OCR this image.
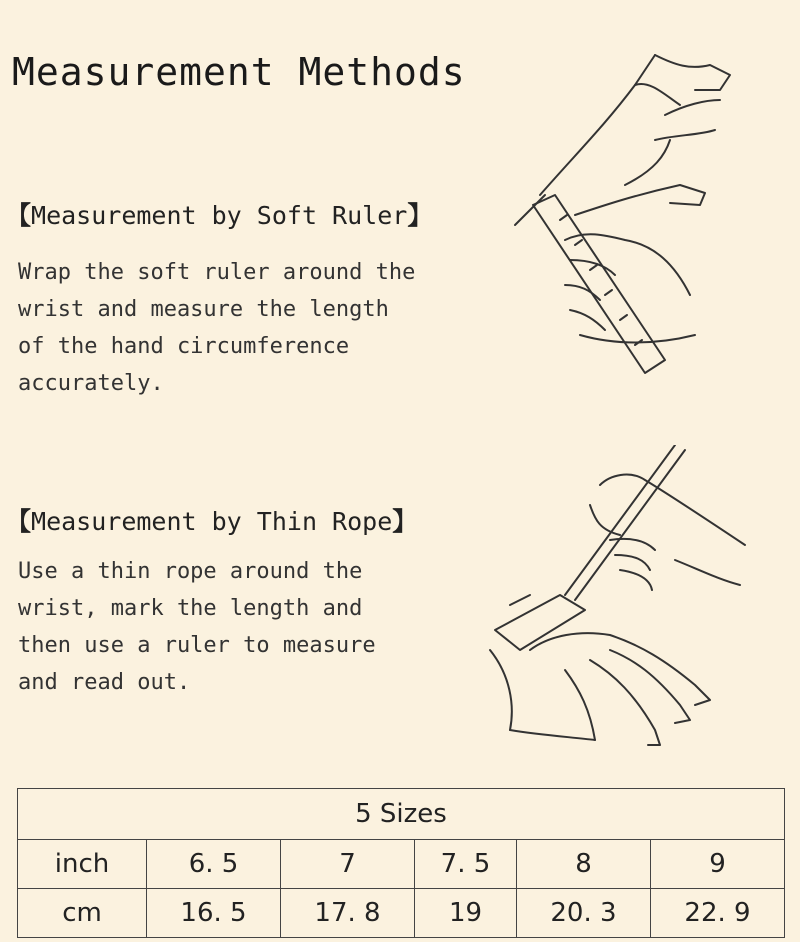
Measurement Methods
【Measurement by Soft Ruler】
Wrap the soft ruler around the
wrist and measure the length
of the hand circumference
accurately.
【Measurement by Thin Rope】
Use a thin rope around the
wrist, mark the length and
then use a ruler to measure
and read out.
5 Sizes					
inch	6. 5	7	7. 5	8	9
cm	16. 5	17. 8	19	20. 3	22. 9
